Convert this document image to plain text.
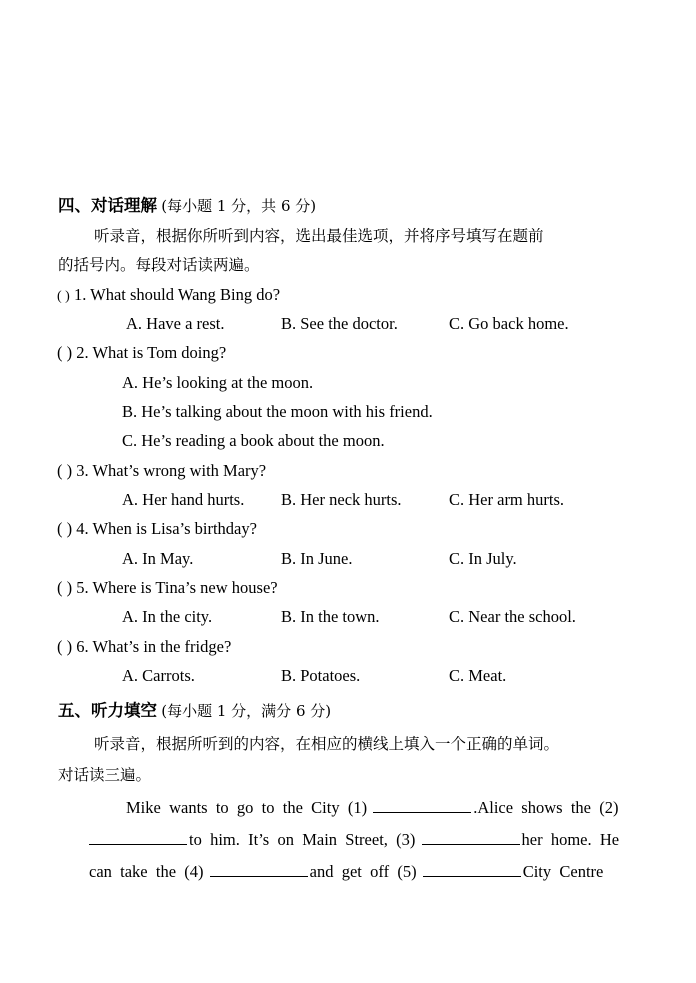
四、对话理解 (每小题 1 分，共 6 分)
听录音，根据你所听到内容，选出最佳选项，并将序号填写在题前
的括号内。每段对话读两遍。
( ) 1. What should Wang Bing do?
A. Have a rest.	B. See the doctor.	C. Go back home.
( ) 2. What is Tom doing?
A. He’s looking at the moon.
B. He’s talking about the moon with his friend.
C. He’s reading a book about the moon.
( ) 3. What’s wrong with Mary?
A. Her hand hurts. B. Her neck hurts.	C. Her arm hurts.
( ) 4. When is Lisa’s birthday?
A. In May.	B. In June.	C. In July.
( ) 5. Where is Tina’s new house?
A. In the city.	B. In the town.	C. Near the school.
( ) 6. What’s in the fridge?
A. Carrots.	B. Potatoes.	C. Meat.
五、听力填空 (每小题 1 分，满分 6 分)
听录音，根据所听到的内容，在相应的横线上填入一个正确的单词。
对话读三遍。
Mike  wants  to  go  to  the  City  (1)	.Alice  shows  the  (2)
to  him.  It’s  on  Main  Street,  (3)	her  home.  He
can  take  the  (4)	and  get  off  (5)	City  Centre
